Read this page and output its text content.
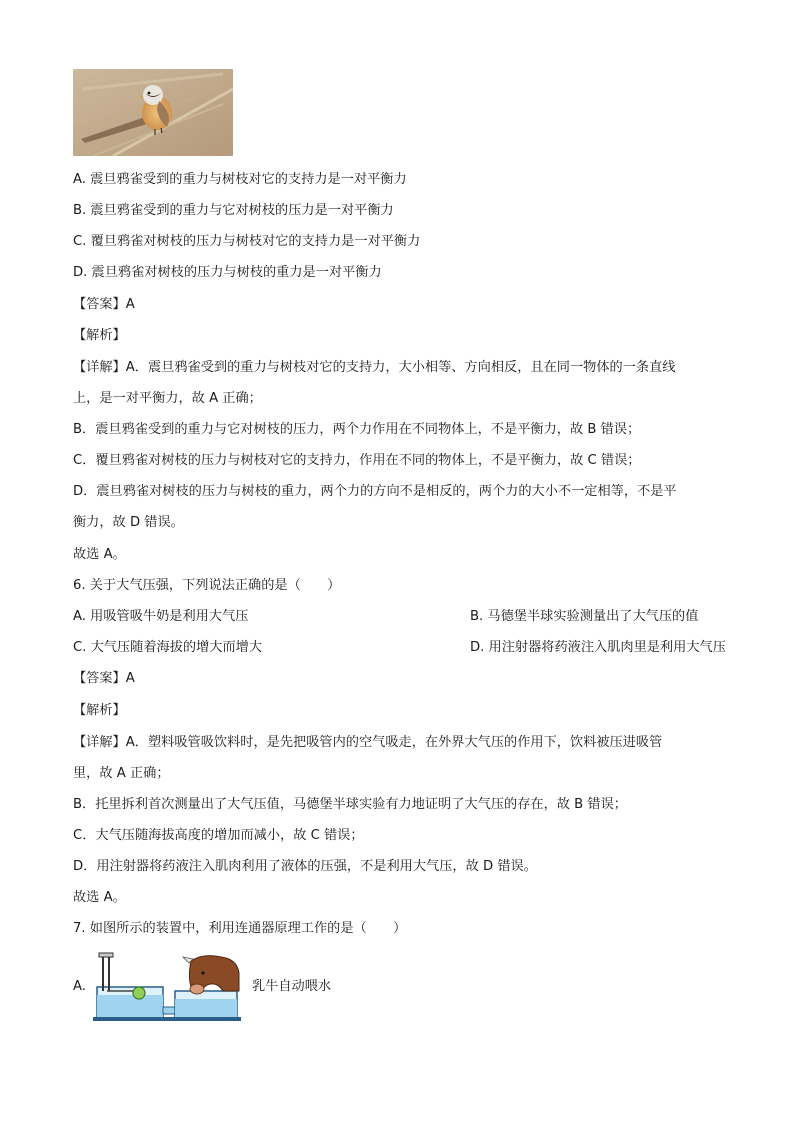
A. 震旦鸦雀受到的重力与树枝对它的支持力是一对平衡力
B. 震旦鸦雀受到的重力与它对树枝的压力是一对平衡力
C. 覆旦鸦雀对树枝的压力与树枝对它的支持力是一对平衡力
D. 震旦鸦雀对树枝的压力与树枝的重力是一对平衡力
【答案】A
【解析】
【详解】A．震旦鸦雀受到的重力与树枝对它的支持力，大小相等、方向相反，且在同一物体的一条直线
上，是一对平衡力，故 A 正确；
B．震旦鸦雀受到的重力与它对树枝的压力，两个力作用在不同物体上，不是平衡力，故 B 错误；
C．覆旦鸦雀对树枝的压力与树枝对它的支持力，作用在不同的物体上，不是平衡力，故 C 错误；
D．震旦鸦雀对树枝的压力与树枝的重力，两个力的方向不是相反的，两个力的大小不一定相等，不是平
衡力，故 D 错误。
故选 A。
6. 关于大气压强，下列说法正确的是（　　）
A. 用吸管吸牛奶是利用大气压	B. 马德堡半球实验测量出了大气压的值
C. 大气压随着海拔的增大而增大	D. 用注射器将药液注入肌肉里是利用大气压
【答案】A
【解析】
【详解】A．塑料吸管吸饮料时，是先把吸管内的空气吸走，在外界大气压的作用下，饮料被压进吸管
里，故 A 正确；
B．托里拆利首次测量出了大气压值，马德堡半球实验有力地证明了大气压的存在，故 B 错误；
C．大气压随海拔高度的增加而减小，故 C 错误；
D．用注射器将药液注入肌肉利用了液体的压强，不是利用大气压，故 D 错误。
故选 A。
7. 如图所示的装置中，利用连通器原理工作的是（　　）
A.	乳牛自动喂水
